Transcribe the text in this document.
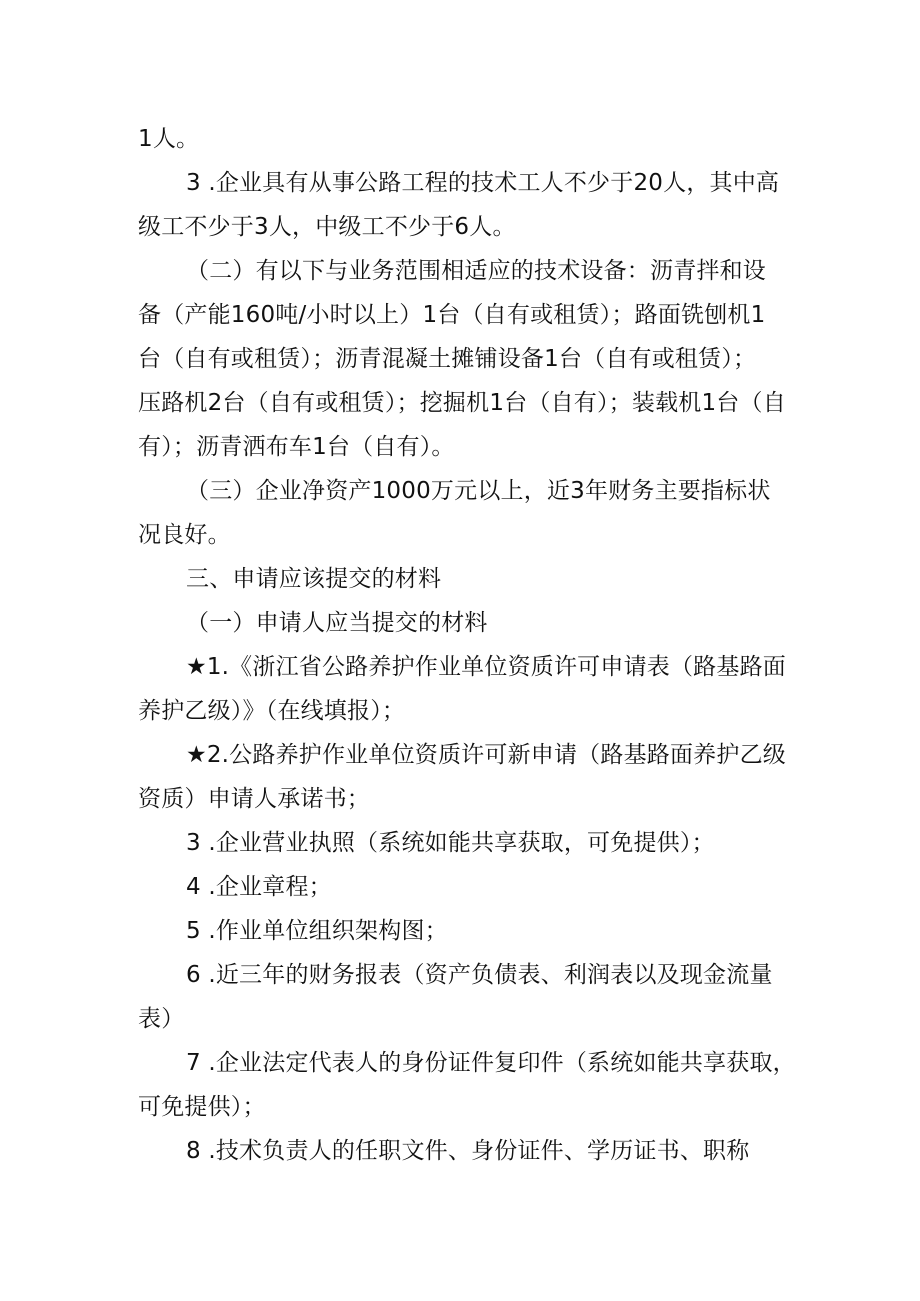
1人。
3 .企业具有从事公路工程的技术工人不少于20人，其中高
级工不少于3人，中级工不少于6人。
（二）有以下与业务范围相适应的技术设备：沥青拌和设
备（产能160吨/小时以上）1台（自有或租赁）；路面铣刨机1
台（自有或租赁）；沥青混凝土摊铺设备1台（自有或租赁）；
压路机2台（自有或租赁）；挖掘机1台（自有）；装载机1台（自
有）；沥青洒布车1台（自有）。
（三）企业净资产1000万元以上，近3年财务主要指标状
况良好。
三、申请应该提交的材料
（一）申请人应当提交的材料
★1.《浙江省公路养护作业单位资质许可申请表（路基路面
养护乙级）》（在线填报）；
★2.公路养护作业单位资质许可新申请（路基路面养护乙级
资质）申请人承诺书；
3 .企业营业执照（系统如能共享获取，可免提供）；
4 .企业章程；
5 .作业单位组织架构图；
6 .近三年的财务报表（资产负债表、利润表以及现金流量
表）
7 .企业法定代表人的身份证件复印件（系统如能共享获取，
可免提供）；
8 .技术负责人的任职文件、身份证件、学历证书、职称
